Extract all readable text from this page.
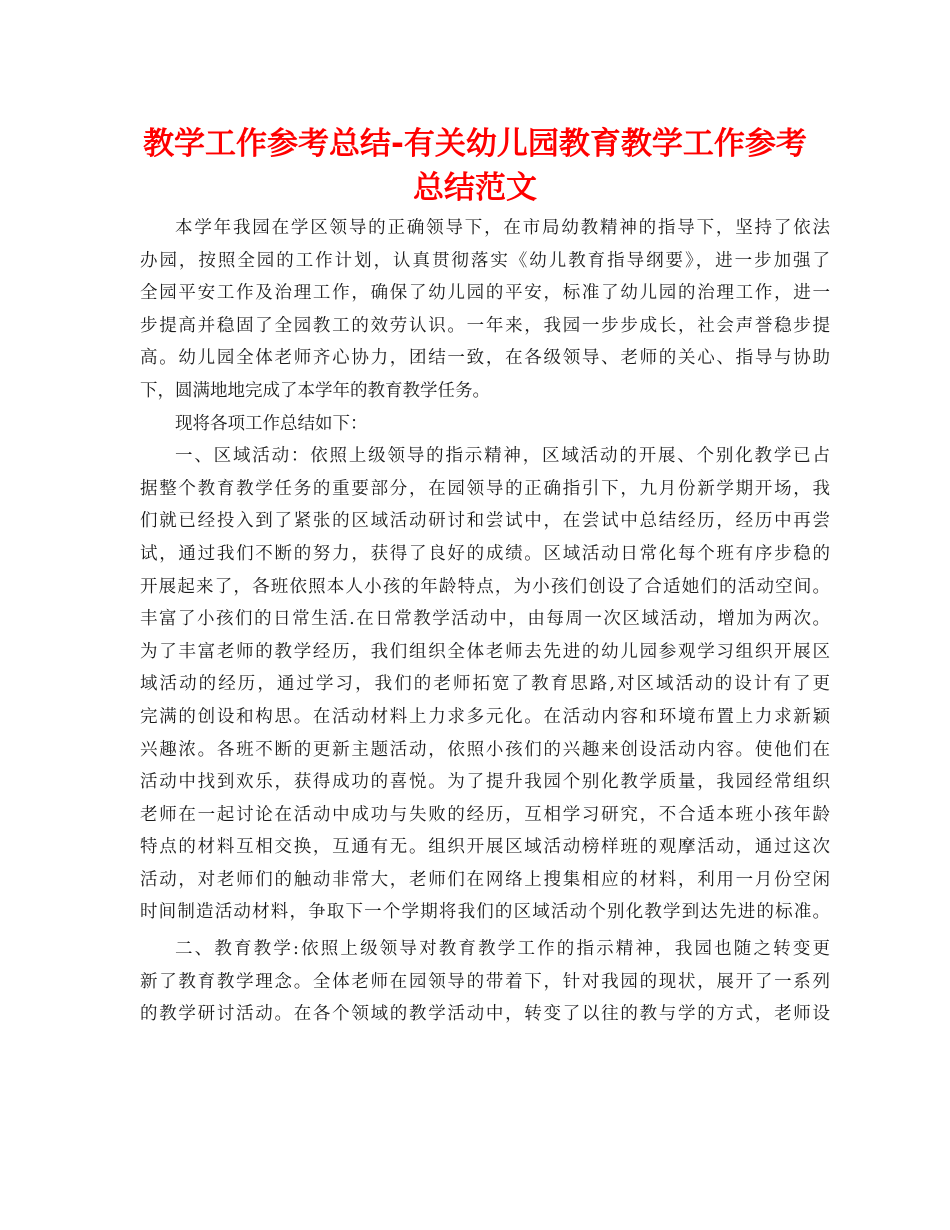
教学工作参考总结-有关幼儿园教育教学工作参考
总结范文
本学年我园在学区领导的正确领导下，在市局幼教精神的指导下，坚持了依法
办园，按照全园的工作计划，认真贯彻落实《幼儿教育指导纲要》，进一步加强了
全园平安工作及治理工作，确保了幼儿园的平安，标准了幼儿园的治理工作，进一
步提高并稳固了全园教工的效劳认识。一年来，我园一步步成长，社会声誉稳步提
高。幼儿园全体老师齐心协力，团结一致，在各级领导、老师的关心、指导与协助
下，圆满地地完成了本学年的教育教学任务。
现将各项工作总结如下：
一、区域活动：依照上级领导的指示精神，区域活动的开展、个别化教学已占
据整个教育教学任务的重要部分，在园领导的正确指引下，九月份新学期开场，我
们就已经投入到了紧张的区域活动研讨和尝试中，在尝试中总结经历，经历中再尝
试，通过我们不断的努力，获得了良好的成绩。区域活动日常化每个班有序步稳的
开展起来了，各班依照本人小孩的年龄特点，为小孩们创设了合适她们的活动空间。
丰富了小孩们的日常生活.在日常教学活动中，由每周一次区域活动，增加为两次。
为了丰富老师的教学经历，我们组织全体老师去先进的幼儿园参观学习组织开展区
域活动的经历，通过学习，我们的老师拓宽了教育思路,对区域活动的设计有了更
完满的创设和构思。在活动材料上力求多元化。在活动内容和环境布置上力求新颖
兴趣浓。各班不断的更新主题活动，依照小孩们的兴趣来创设活动内容。使他们在
活动中找到欢乐，获得成功的喜悦。为了提升我园个别化教学质量，我园经常组织
老师在一起讨论在活动中成功与失败的经历，互相学习研究，不合适本班小孩年龄
特点的材料互相交换，互通有无。组织开展区域活动榜样班的观摩活动，通过这次
活动，对老师们的触动非常大，老师们在网络上搜集相应的材料，利用一月份空闲
时间制造活动材料，争取下一个学期将我们的区域活动个别化教学到达先进的标准。
二、教育教学:依照上级领导对教育教学工作的指示精神，我园也随之转变更
新了教育教学理念。全体老师在园领导的带着下，针对我园的现状，展开了一系列
的教学研讨活动。在各个领域的教学活动中，转变了以往的教与学的方式，老师设
